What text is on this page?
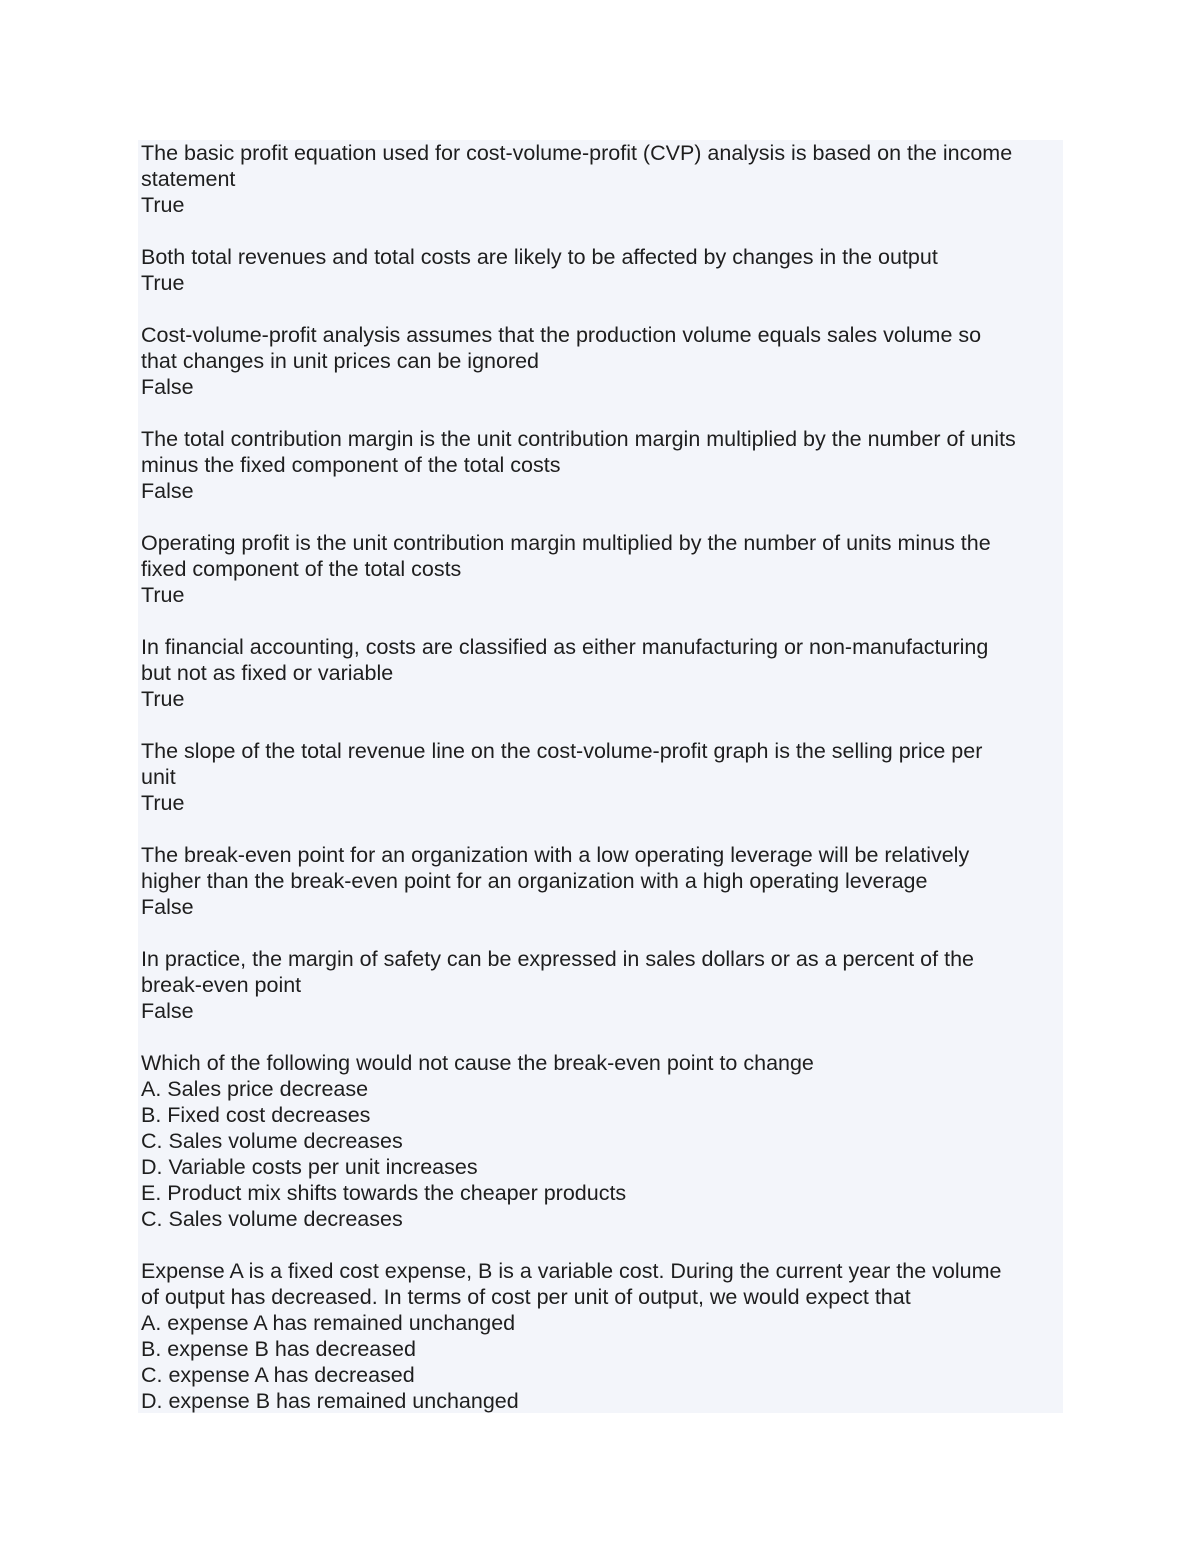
The basic profit equation used for cost-volume-profit (CVP) analysis is based on the income
statement
True
Both total revenues and total costs are likely to be affected by changes in the output
True
Cost-volume-profit analysis assumes that the production volume equals sales volume so
that changes in unit prices can be ignored
False
The total contribution margin is the unit contribution margin multiplied by the number of units
minus the fixed component of the total costs
False
Operating profit is the unit contribution margin multiplied by the number of units minus the
fixed component of the total costs
True
In financial accounting, costs are classified as either manufacturing or non-manufacturing
but not as fixed or variable
True
The slope of the total revenue line on the cost-volume-profit graph is the selling price per
unit
True
The break-even point for an organization with a low operating leverage will be relatively
higher than the break-even point for an organization with a high operating leverage
False
In practice, the margin of safety can be expressed in sales dollars or as a percent of the
break-even point
False
Which of the following would not cause the break-even point to change
A. Sales price decrease
B. Fixed cost decreases
C. Sales volume decreases
D. Variable costs per unit increases
E. Product mix shifts towards the cheaper products
C. Sales volume decreases
Expense A is a fixed cost expense, B is a variable cost. During the current year the volume
of output has decreased. In terms of cost per unit of output, we would expect that
A. expense A has remained unchanged
B. expense B has decreased
C. expense A has decreased
D. expense B has remained unchanged
